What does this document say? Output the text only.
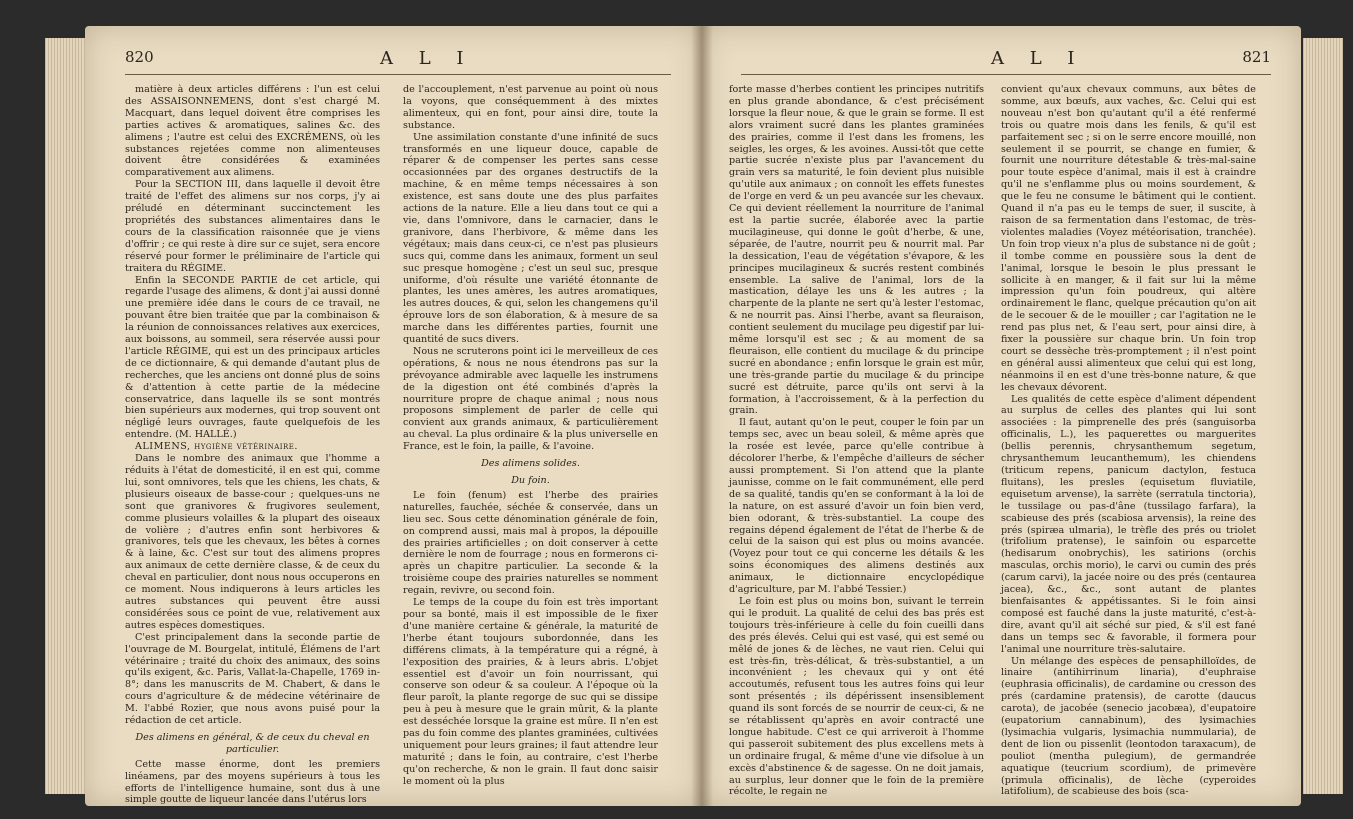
820	A L I

matière à deux articles différens : l'un est celui des ASSAISONNEMENS, dont s'est chargé M. Macquart, dans lequel doivent être comprises les parties actives & aromatiques, salines &c. des alimens ; l'autre est celui des EXCRÉMENS, où les substances rejetées comme non alimenteuses doivent être considérées & examinées comparativement aux alimens.

Pour la SECTION III, dans laquelle il devoit être traité de l'effet des alimens sur nos corps, j'y ai préludé en déterminant succinctement les propriétés des substances alimentaires dans le cours de la classification raisonnée que je viens d'offrir ; ce qui reste à dire sur ce sujet, sera encore réservé pour former le préliminaire de l'article qui traitera du RÉGIME.

Enfin la SECONDE PARTIE de cet article, qui regarde l'usage des alimens, & dont j'ai aussi donné une première idée dans le cours de ce travail, ne pouvant être bien traitée que par la combinaison & la réunion de connoissances relatives aux exercices, aux boissons, au sommeil, sera réservée aussi pour l'article RÉGIME, qui est un des principaux articles de ce dictionnaire, & qui demande d'autant plus de recherches, que les anciens ont donné plus de soins & d'attention à cette partie de la médecine conservatrice, dans laquelle ils se sont montrés bien supérieurs aux modernes, qui trop souvent ont négligé leurs ouvrages, faute quelquefois de les entendre. (M. HALLÉ.)

ALIMENS, hygiène vétérinaire.

Dans le nombre des animaux que l'homme a réduits à l'état de domesticité, il en est qui, comme lui, sont omnivores, tels que les chiens, les chats, & plusieurs oiseaux de basse-cour ; quelques-uns ne sont que granivores & frugivores seulement, comme plusieurs volailles & la plupart des oiseaux de volière ; d'autres enfin sont herbivores & granivores, tels que les chevaux, les bêtes à cornes & à laine, &c. C'est sur tout des alimens propres aux animaux de cette dernière classe, & de ceux du cheval en particulier, dont nous nous occuperons en ce moment. Nous indiquerons à leurs articles les autres substances qui peuvent être aussi considérées sous ce point de vue, relativement aux autres espèces domestiques.

C'est principalement dans la seconde partie de l'ouvrage de M. Bourgelat, intitulé, Élémens de l'art vétérinaire ; traité du choix des animaux, des soins qu'ils exigent, &c. Paris, Vallat-la-Chapelle, 1769 in-8°; dans les manuscrits de M. Chabert, & dans le cours d'agriculture & de médecine vétérinaire de M. l'abbé Rozier, que nous avons puisé pour la rédaction de cet article.

Des alimens en général, & de ceux du cheval en particulier.

Cette masse énorme, dont les premiers linéamens, par des moyens supérieurs à tous les efforts de l'intelligence humaine, sont dus à une simple goutte de liqueur lancée dans l'utérus lors

de l'accouplement, n'est parvenue au point où nous la voyons, que conséquemment à des mixtes alimenteux, qui en font, pour ainsi dire, toute la substance.

Une assimilation constante d'une infinité de sucs transformés en une liqueur douce, capable de réparer & de compenser les pertes sans cesse occasionnées par des organes destructifs de la machine, & en même temps nécessaires à son existence, est sans doute une des plus parfaites actions de la nature. Elle a lieu dans tout ce qui a vie, dans l'omnivore, dans le carnacier, dans le granivore, dans l'herbivore, & même dans les végétaux; mais dans ceux-ci, ce n'est pas plusieurs sucs qui, comme dans les animaux, forment un seul suc presque homogène ; c'est un seul suc, presque uniforme, d'où résulte une variété étonnante de plantes, les unes amères, les autres aromatiques, les autres douces, & qui, selon les changemens qu'il éprouve lors de son élaboration, & à mesure de sa marche dans les différentes parties, fournit une quantité de sucs divers.

Nous ne scruterons point ici le merveilleux de ces opérations, & nous ne nous étendrons pas sur la prévoyance admirable avec laquelle les instrumens de la digestion ont été combinés d'après la nourriture propre de chaque animal ; nous nous proposons simplement de parler de celle qui convient aux grands animaux, & particulièrement au cheval. La plus ordinaire & la plus universelle en France, est le foin, la paille, & l'avoine.

Des alimens solides.

Du foin.

Le foin (fenum) est l'herbe des prairies naturelles, fauchée, séchée & conservée, dans un lieu sec. Sous cette dénomination générale de foin, on comprend aussi, mais mal à propos, la dépouille des prairies artificielles ; on doit conserver à cette dernière le nom de fourrage ; nous en formerons ci-après un chapitre particulier. La seconde & la troisième coupe des prairies naturelles se nomment regain, revivre, ou second foin.

Le temps de la coupe du foin est très important pour sa bonté, mais il est impossible de le fixer d'une manière certaine & générale, la maturité de l'herbe étant toujours subordonnée, dans les différens climats, à la température qui a régné, à l'exposition des prairies, & à leurs abris. L'objet essentiel est d'avoir un foin nourrissant, qui conserve son odeur & sa couleur. A l'époque où la fleur paroît, la plante regorge de suc qui se dissipe peu à peu à mesure que le grain mûrit, & la plante est desséchée lorsque la graine est mûre. Il n'en est pas du foin comme des plantes graminées, cultivées uniquement pour leurs graines; il faut attendre leur maturité ; dans le foin, au contraire, c'est l'herbe qu'on recherche, & non le grain. Il faut donc saisir le moment où la plus

A L I	821

forte masse d'herbes contient les principes nutritifs en plus grande abondance, & c'est précisément lorsque la fleur noue, & que le grain se forme. Il est alors vraiment sucré dans les plantes graminées des prairies, comme il l'est dans les fromens, les seigles, les orges, & les avoines. Aussi-tôt que cette partie sucrée n'existe plus par l'avancement du grain vers sa maturité, le foin devient plus nuisible qu'utile aux animaux ; on connoît les effets funestes de l'orge en verd & un peu avancée sur les chevaux. Ce qui devient réellement la nourriture de l'animal est la partie sucrée, élaborée avec la partie mucilagineuse, qui donne le goût d'herbe, & une, séparée, de l'autre, nourrit peu & nourrit mal. Par la dessication, l'eau de végétation s'évapore, & les principes mucilagineux & sucrés restent combinés ensemble. La salive de l'animal, lors de la mastication, délaye les uns & les autres ; la charpente de la plante ne sert qu'à lester l'estomac, & ne nourrit pas. Ainsi l'herbe, avant sa fleuraison, contient seulement du mucilage peu digestif par lui-même lorsqu'il est sec ; & au moment de sa fleuraison, elle contient du mucilage & du principe sucré en abondance ; enfin lorsque le grain est mûr, une très-grande partie du mucilage & du principe sucré est détruite, parce qu'ils ont servi à la formation, à l'accroissement, & à la perfection du grain.

Il faut, autant qu'on le peut, couper le foin par un temps sec, avec un beau soleil, & même après que la rosée est levée, parce qu'elle contribue à décolorer l'herbe, & l'empêche d'ailleurs de sécher aussi promptement. Si l'on attend que la plante jaunisse, comme on le fait communément, elle perd de sa qualité, tandis qu'en se conformant à la loi de la nature, on est assuré d'avoir un foin bien verd, bien odorant, & très-substantiel. La coupe des regains dépend également de l'état de l'herbe & de celui de la saison qui est plus ou moins avancée. (Voyez pour tout ce qui concerne les détails & les soins économiques des alimens destinés aux animaux, le dictionnaire encyclopédique d'agriculture, par M. l'abbé Tessier.)

Le foin est plus ou moins bon, suivant le terrein qui le produit. La qualité de celui des bas prés est toujours très-inférieure à celle du foin cueilli dans des prés élevés. Celui qui est vasé, qui est semé ou mêlé de jones & de lèches, ne vaut rien. Celui qui est très-fin, très-délicat, & très-substantiel, a un inconvénient ; les chevaux qui y ont été accoutumés, refusent tous les autres foins qui leur sont présentés ; ils dépérissent insensiblement quand ils sont forcés de se nourrir de ceux-ci, & ne se rétablissent qu'après en avoir contracté une longue habitude. C'est ce qui arriveroit à l'homme qui passeroit subitement des plus excellens mets à un ordinaire frugal, & même d'une vie difsolue à un excès d'abstinence & de sagesse. On ne doit jamais, au surplus, leur donner que le foin de la première récolte, le regain ne

convient qu'aux chevaux communs, aux bêtes de somme, aux bœufs, aux vaches, &c. Celui qui est nouveau n'est bon qu'autant qu'il a été renfermé trois ou quatre mois dans les fenils, & qu'il est parfaitement sec ; si on le serre encore mouillé, non seulement il se pourrit, se change en fumier, & fournit une nourriture détestable & très-mal-saine pour toute espèce d'animal, mais il est à craindre qu'il ne s'enflamme plus ou moins sourdement, & que le feu ne consume le bâtiment qui le contient. Quand il n'a pas eu le temps de suer, il suscite, à raison de sa fermentation dans l'estomac, de très-violentes maladies (Voyez météorisation, tranchée). Un foin trop vieux n'a plus de substance ni de goût ; il tombe comme en poussière sous la dent de l'animal, lorsque le besoin le plus pressant le sollicite à en manger, & il fait sur lui la même impression qu'un foin poudreux, qui altère ordinairement le flanc, quelque précaution qu'on ait de le secouer & de le mouiller ; car l'agitation ne le rend pas plus net, & l'eau sert, pour ainsi dire, à fixer la poussière sur chaque brin. Un foin trop court se dessèche très-promptement ; il n'est point en général aussi alimenteux que celui qui est long, néanmoins il en est d'une très-bonne nature, & que les chevaux dévorent.

Les qualités de cette espèce d'aliment dépendent au surplus de celles des plantes qui lui sont associées : la pimprenelle des prés (sanguisorba officinalis, L.), les paquerettes ou marguerites (bellis perennis, chrysanthemum segetum, chrysanthemum leucanthemum), les chiendens (triticum repens, panicum dactylon, festuca fluitans), les presles (equisetum fluviatile, equisetum arvense), la sarrète (serratula tinctoria), le tussilage ou pas-d'âne (tussilago farfara), la scabieuse des prés (scabiosa arvensis), la reine des prés (spiræa ulmaria), le trèfle des prés ou triolet (trifolium pratense), le sainfoin ou esparcette (hedisarum onobrychis), les satirions (orchis masculas, orchis morio), le carvi ou cumin des prés (carum carvi), la jacée noire ou des prés (centaurea jacea), &c., &c., sont autant de plantes bienfaisantes & appétissantes. Si le foin ainsi composé est fauché dans la juste maturité, c'est-à-dire, avant qu'il ait séché sur pied, & s'il est fané dans un temps sec & favorable, il formera pour l'animal une nourriture très-salutaire.

Un mélange des espèces de pensaphilloïdes, de linaire (antihirrinum linaria), d'euphraise (euphrasia officinalis), de cardamine ou cresson des prés (cardamine pratensis), de carotte (daucus carota), de jacobée (senecio jacobæa), d'eupatoire (eupatorium cannabinum), des lysimachies (lysimachia vulgaris, lysimachia nummularia), de dent de lion ou pissenlit (leontodon taraxacum), de pouliot (mentha pulegium), de germandrée aquatique (teucrium scordium), de primevère (primula officinalis), de lèche (cyperoides latifolium), de scabieuse des bois (sca-
